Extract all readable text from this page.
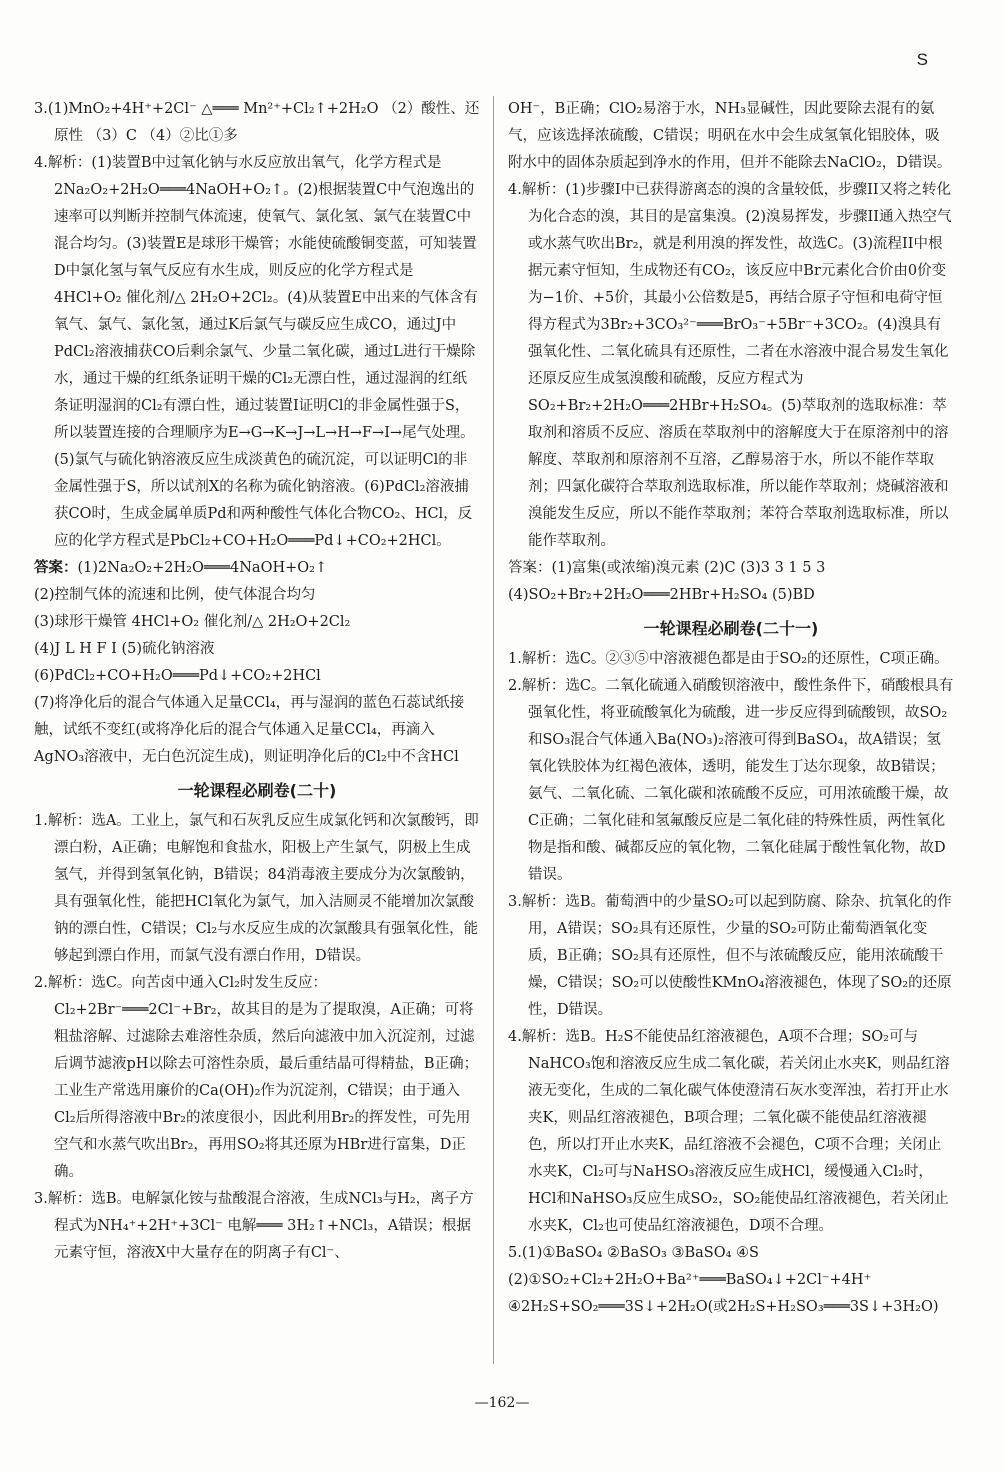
S

3.(1)MnO₂+4H⁺+2Cl⁻ △═══ Mn²⁺+Cl₂↑+2H₂O （2）酸性、还原性 （3）C （4）②比①多

4.解析：(1)装置B中过氧化钠与水反应放出氧气，化学方程式是2Na₂O₂+2H₂O═══4NaOH+O₂↑。(2)根据装置C中气泡逸出的速率可以判断并控制气体流速，使氧气、氯化氢、氯气在装置C中混合均匀。(3)装置E是球形干燥管；水能使硫酸铜变蓝，可知装置D中氯化氢与氧气反应有水生成，则反应的化学方程式是4HCl+O₂ 催化剂/△ 2H₂O+2Cl₂。(4)从装置E中出来的气体含有氧气、氯气、氯化氢，通过K后氯气与碳反应生成CO，通过J中PdCl₂溶液捕获CO后剩余氯气、少量二氧化碳，通过L进行干燥除水，通过干燥的红纸条证明干燥的Cl₂无漂白性，通过湿润的红纸条证明湿润的Cl₂有漂白性，通过装置I证明Cl的非金属性强于S，所以装置连接的合理顺序为E→G→K→J→L→H→F→I→尾气处理。(5)氯气与硫化钠溶液反应生成淡黄色的硫沉淀，可以证明Cl的非金属性强于S，所以试剂X的名称为硫化钠溶液。(6)PdCl₂溶液捕获CO时，生成金属单质Pd和两种酸性气体化合物CO₂、HCl，反应的化学方程式是PbCl₂+CO+H₂O═══Pd↓+CO₂+2HCl。

答案：(1)2Na₂O₂+2H₂O═══4NaOH+O₂↑

(2)控制气体的流速和比例，使气体混合均匀

(3)球形干燥管 4HCl+O₂ 催化剂/△ 2H₂O+2Cl₂

(4)J L H F I (5)硫化钠溶液

(6)PdCl₂+CO+H₂O═══Pd↓+CO₂+2HCl

(7)将净化后的混合气体通入足量CCl₄，再与湿润的蓝色石蕊试纸接触，试纸不变红(或将净化后的混合气体通入足量CCl₄，再滴入AgNO₃溶液中，无白色沉淀生成)，则证明净化后的Cl₂中不含HCl

一轮课程必刷卷(二十)

1.解析：选A。工业上，氯气和石灰乳反应生成氯化钙和次氯酸钙，即漂白粉，A正确；电解饱和食盐水，阳极上产生氯气，阴极上生成氢气，并得到氢氧化钠，B错误；84消毒液主要成分为次氯酸钠，具有强氧化性，能把HCl氧化为氯气，加入洁厕灵不能增加次氯酸钠的漂白性，C错误；Cl₂与水反应生成的次氯酸具有强氧化性，能够起到漂白作用，而氯气没有漂白作用，D错误。

2.解析：选C。向苦卤中通入Cl₂时发生反应：Cl₂+2Br⁻═══2Cl⁻+Br₂，故其目的是为了提取溴，A正确；可将粗盐溶解、过滤除去难溶性杂质，然后向滤液中加入沉淀剂，过滤后调节滤液pH以除去可溶性杂质，最后重结晶可得精盐，B正确；工业生产常选用廉价的Ca(OH)₂作为沉淀剂，C错误；由于通入Cl₂后所得溶液中Br₂的浓度很小，因此利用Br₂的挥发性，可先用空气和水蒸气吹出Br₂，再用SO₂将其还原为HBr进行富集，D正确。

3.解析：选B。电解氯化铵与盐酸混合溶液，生成NCl₃与H₂，离子方程式为NH₄⁺+2H⁺+3Cl⁻ 电解═══ 3H₂↑+NCl₃，A错误；根据元素守恒，溶液X中大量存在的阴离子有Cl⁻、

OH⁻，B正确；ClO₂易溶于水，NH₃显碱性，因此要除去混有的氨气，应该选择浓硫酸，C错误；明矾在水中会生成氢氧化铝胶体，吸附水中的固体杂质起到净水的作用，但并不能除去NaClO₂，D错误。

4.解析：(1)步骤I中已获得游离态的溴的含量较低，步骤II又将之转化为化合态的溴，其目的是富集溴。(2)溴易挥发，步骤II通入热空气或水蒸气吹出Br₂，就是利用溴的挥发性，故选C。(3)流程II中根据元素守恒知，生成物还有CO₂，该反应中Br元素化合价由0价变为−1价、+5价，其最小公倍数是5，再结合原子守恒和电荷守恒得方程式为3Br₂+3CO₃²⁻═══BrO₃⁻+5Br⁻+3CO₂。(4)溴具有强氧化性、二氧化硫具有还原性，二者在水溶液中混合易发生氧化还原反应生成氢溴酸和硫酸，反应方程式为SO₂+Br₂+2H₂O═══2HBr+H₂SO₄。(5)萃取剂的选取标准：萃取剂和溶质不反应、溶质在萃取剂中的溶解度大于在原溶剂中的溶解度、萃取剂和原溶剂不互溶，乙醇易溶于水，所以不能作萃取剂；四氯化碳符合萃取剂选取标准，所以能作萃取剂；烧碱溶液和溴能发生反应，所以不能作萃取剂；苯符合萃取剂选取标准，所以能作萃取剂。

答案：(1)富集(或浓缩)溴元素 (2)C (3)3 3 1 5 3

(4)SO₂+Br₂+2H₂O═══2HBr+H₂SO₄ (5)BD

一轮课程必刷卷(二十一)

1.解析：选C。②③⑤中溶液褪色都是由于SO₂的还原性，C项正确。

2.解析：选C。二氧化硫通入硝酸钡溶液中，酸性条件下，硝酸根具有强氧化性，将亚硫酸氧化为硫酸，进一步反应得到硫酸钡，故SO₂和SO₃混合气体通入Ba(NO₃)₂溶液可得到BaSO₄，故A错误；氢氧化铁胶体为红褐色液体，透明，能发生丁达尔现象，故B错误；氨气、二氧化硫、二氧化碳和浓硫酸不反应，可用浓硫酸干燥，故C正确；二氧化硅和氢氟酸反应是二氧化硅的特殊性质，两性氧化物是指和酸、碱都反应的氧化物，二氧化硅属于酸性氧化物，故D错误。

3.解析：选B。葡萄酒中的少量SO₂可以起到防腐、除杂、抗氧化的作用，A错误；SO₂具有还原性，少量的SO₂可防止葡萄酒氧化变质，B正确；SO₂具有还原性，但不与浓硫酸反应，能用浓硫酸干燥，C错误；SO₂可以使酸性KMnO₄溶液褪色，体现了SO₂的还原性，D错误。

4.解析：选B。H₂S不能使品红溶液褪色，A项不合理；SO₂可与NaHCO₃饱和溶液反应生成二氧化碳，若关闭止水夹K，则品红溶液无变化，生成的二氧化碳气体使澄清石灰水变浑浊，若打开止水夹K，则品红溶液褪色，B项合理；二氧化碳不能使品红溶液褪色，所以打开止水夹K，品红溶液不会褪色，C项不合理；关闭止水夹K，Cl₂可与NaHSO₃溶液反应生成HCl，缓慢通入Cl₂时，HCl和NaHSO₃反应生成SO₂，SO₂能使品红溶液褪色，若关闭止水夹K，Cl₂也可使品红溶液褪色，D项不合理。

5.(1)①BaSO₄ ②BaSO₃ ③BaSO₄ ④S

(2)①SO₂+Cl₂+2H₂O+Ba²⁺═══BaSO₄↓+2Cl⁻+4H⁺

④2H₂S+SO₂═══3S↓+2H₂O(或2H₂S+H₂SO₃═══3S↓+3H₂O)

—162—
